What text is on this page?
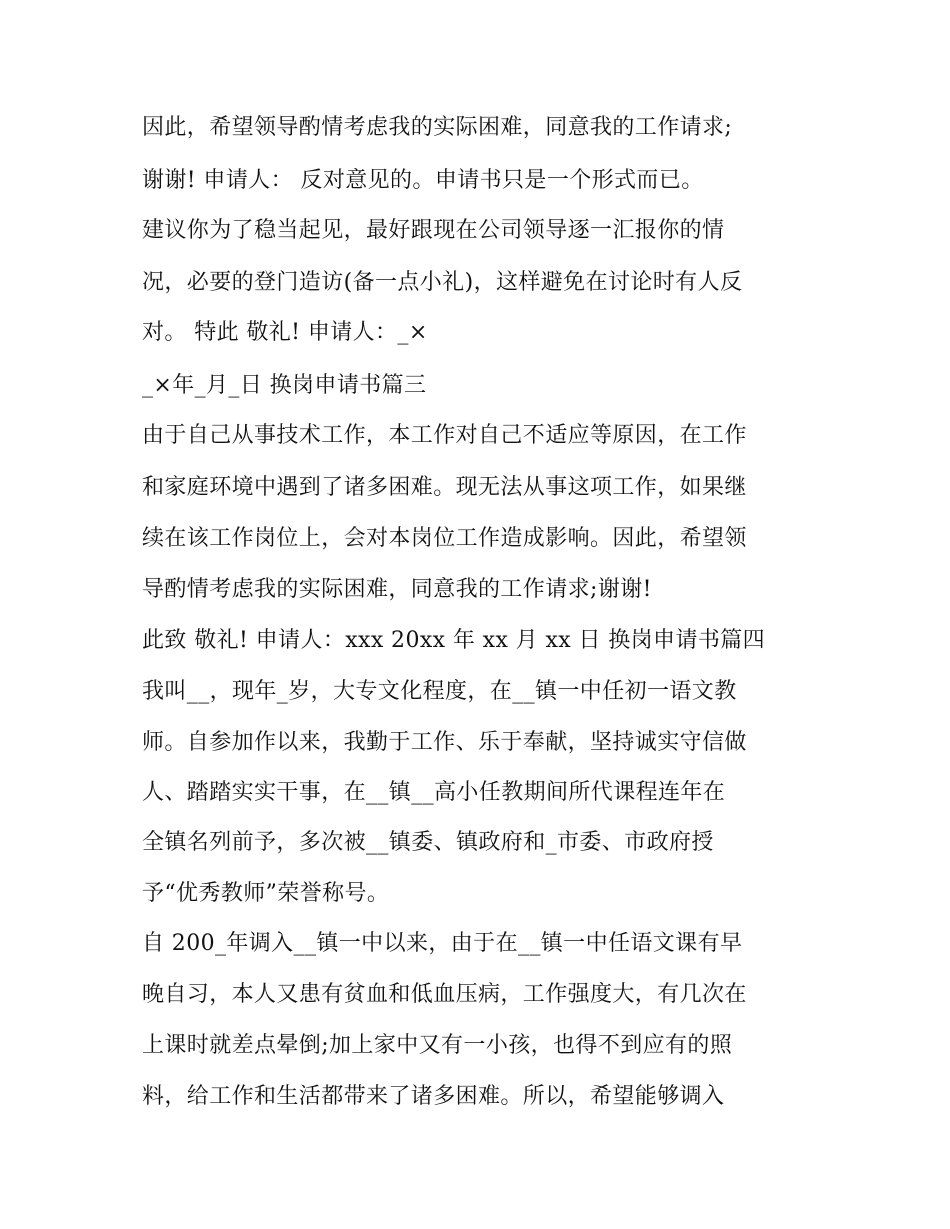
因此，希望领导酌情考虑我的实际困难，同意我的工作请求;
谢谢! 申请人： 反对意见的。申请书只是一个形式而已。
建议你为了稳当起见，最好跟现在公司领导逐一汇报你的情
况，必要的登门造访(备一点小礼)，这样避免在讨论时有人反
对。 特此 敬礼! 申请人：_×
_×年_月_日 换岗申请书篇三
由于自己从事技术工作，本工作对自己不适应等原因，在工作
和家庭环境中遇到了诸多困难。现无法从事这项工作，如果继
续在该工作岗位上，会对本岗位工作造成影响。因此，希望领
导酌情考虑我的实际困难，同意我的工作请求;谢谢!
此致 敬礼! 申请人：xxx 20xx 年 xx 月 xx 日 换岗申请书篇四
我叫__，现年_岁，大专文化程度，在__镇一中任初一语文教
师。自参加作以来，我勤于工作、乐于奉献，坚持诚实守信做
人、踏踏实实干事，在__镇__高小任教期间所代课程连年在
全镇名列前予，多次被__镇委、镇政府和_市委、市政府授
予“优秀教师”荣誉称号。
自 200_年调入__镇一中以来，由于在__镇一中任语文课有早
晚自习，本人又患有贫血和低血压病，工作强度大，有几次在
上课时就差点晕倒;加上家中又有一小孩，也得不到应有的照
料，给工作和生活都带来了诸多困难。所以，希望能够调入
